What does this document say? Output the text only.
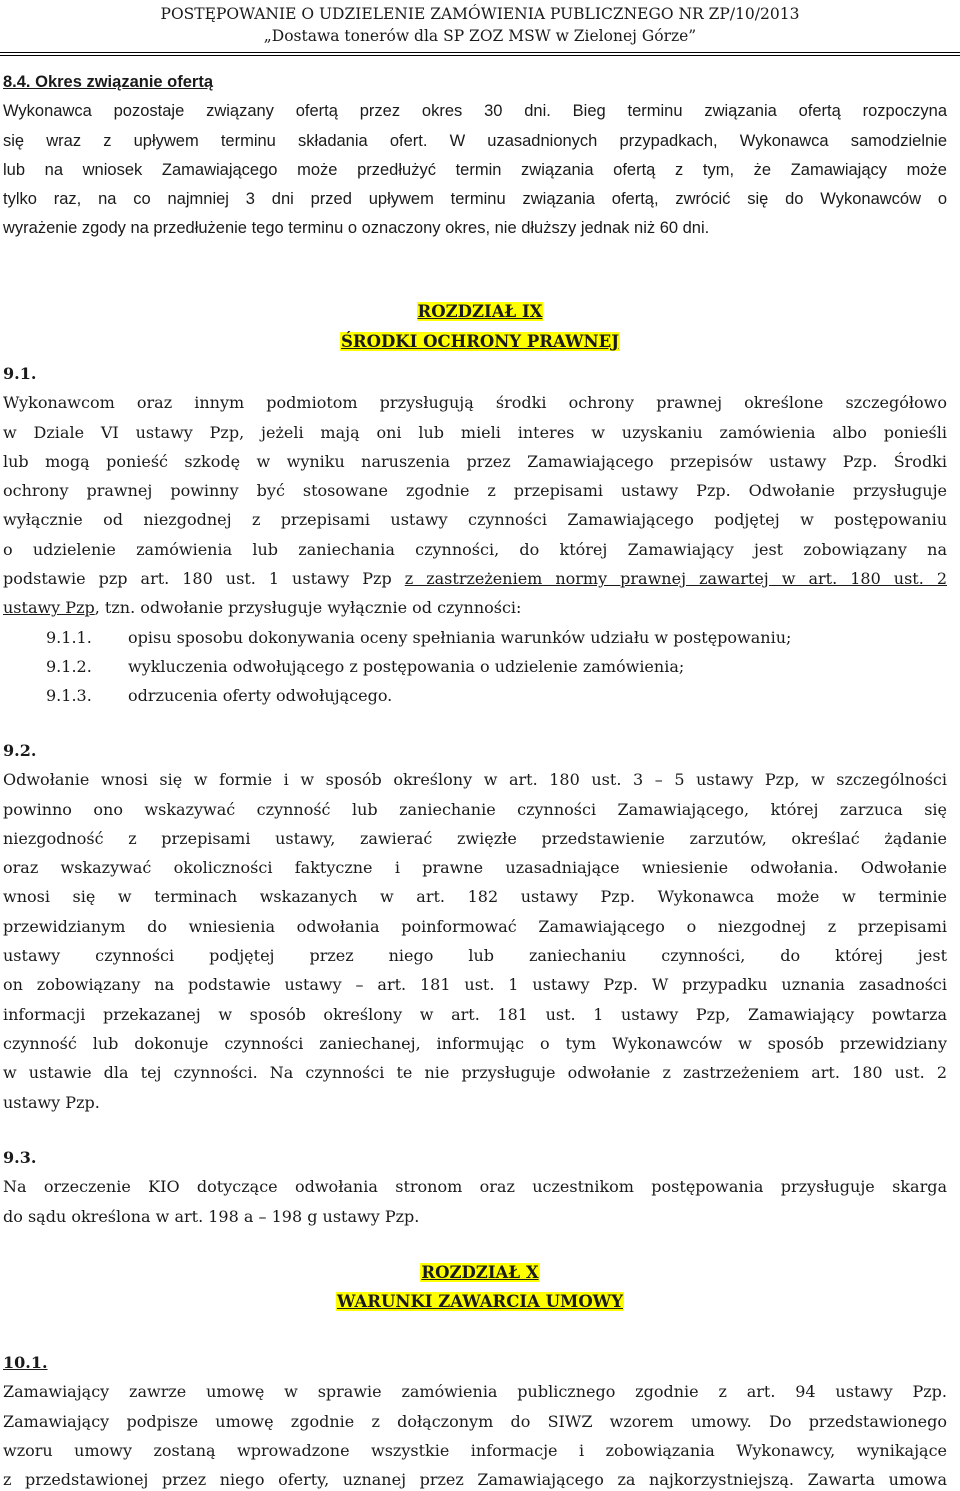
POSTĘPOWANIE O UDZIELENIE ZAMÓWIENIA PUBLICZNEGO NR ZP/10/2013
„Dostawa tonerów dla SP ZOZ MSW w Zielonej Górze”
8.4. Okres związanie ofertą
Wykonawca pozostaje związany ofertą przez okres 30 dni. Bieg terminu związania ofertą rozpoczyna
się wraz z upływem terminu składania ofert. W uzasadnionych przypadkach, Wykonawca samodzielnie
lub na wniosek Zamawiającego może przedłużyć termin związania ofertą z tym, że Zamawiający może
tylko raz, na co najmniej 3 dni przed upływem terminu związania ofertą, zwrócić się do Wykonawców o
wyrażenie zgody na przedłużenie tego terminu o oznaczony okres, nie dłuższy jednak niż 60 dni.
ROZDZIAŁ IX
ŚRODKI OCHRONY PRAWNEJ
9.1.
Wykonawcom oraz innym podmiotom przysługują środki ochrony prawnej określone szczegółowo
w Dziale VI ustawy Pzp, jeżeli mają oni lub mieli interes w uzyskaniu zamówienia albo ponieśli
lub mogą ponieść szkodę w wyniku naruszenia przez Zamawiającego przepisów ustawy Pzp. Środki
ochrony prawnej powinny być stosowane zgodnie z przepisami ustawy Pzp. Odwołanie przysługuje
wyłącznie od niezgodnej z przepisami ustawy czynności Zamawiającego podjętej w postępowaniu
o udzielenie zamówienia lub zaniechania czynności, do której Zamawiający jest zobowiązany na
podstawie pzp art. 180 ust. 1 ustawy Pzp z zastrzeżeniem normy prawnej zawartej w art. 180 ust. 2
ustawy Pzp, tzn. odwołanie przysługuje wyłącznie od czynności:
9.1.1. opisu sposobu dokonywania oceny spełniania warunków udziału w postępowaniu;
9.1.2. wykluczenia odwołującego z postępowania o udzielenie zamówienia;
9.1.3. odrzucenia oferty odwołującego.
9.2.
Odwołanie wnosi się w formie i w sposób określony w art. 180 ust. 3 – 5 ustawy Pzp, w szczególności
powinno ono wskazywać czynność lub zaniechanie czynności Zamawiającego, której zarzuca się
niezgodność z przepisami ustawy, zawierać zwięzłe przedstawienie zarzutów, określać żądanie
oraz wskazywać okoliczności faktyczne i prawne uzasadniające wniesienie odwołania. Odwołanie
wnosi się w terminach wskazanych w art. 182 ustawy Pzp. Wykonawca może w terminie
przewidzianym do wniesienia odwołania poinformować Zamawiającego o niezgodnej z przepisami
ustawy czynności podjętej przez niego lub zaniechaniu czynności, do której jest
on zobowiązany na podstawie ustawy – art. 181 ust. 1 ustawy Pzp. W przypadku uznania zasadności
informacji przekazanej w sposób określony w art. 181 ust. 1 ustawy Pzp, Zamawiający powtarza
czynność lub dokonuje czynności zaniechanej, informując o tym Wykonawców w sposób przewidziany
w ustawie dla tej czynności. Na czynności te nie przysługuje odwołanie z zastrzeżeniem art. 180 ust. 2
ustawy Pzp.
9.3.
Na orzeczenie KIO dotyczące odwołania stronom oraz uczestnikom postępowania przysługuje skarga
do sądu określona w art. 198 a – 198 g ustawy Pzp.
ROZDZIAŁ X
WARUNKI ZAWARCIA UMOWY
10.1.
Zamawiający zawrze umowę w sprawie zamówienia publicznego zgodnie z art. 94 ustawy Pzp.
Zamawiający podpisze umowę zgodnie z dołączonym do SIWZ wzorem umowy. Do przedstawionego
wzoru umowy zostaną wprowadzone wszystkie informacje i zobowiązania Wykonawcy, wynikające
z przedstawionej przez niego oferty, uznanej przez Zamawiającego za najkorzystniejszą. Zawarta umowa
